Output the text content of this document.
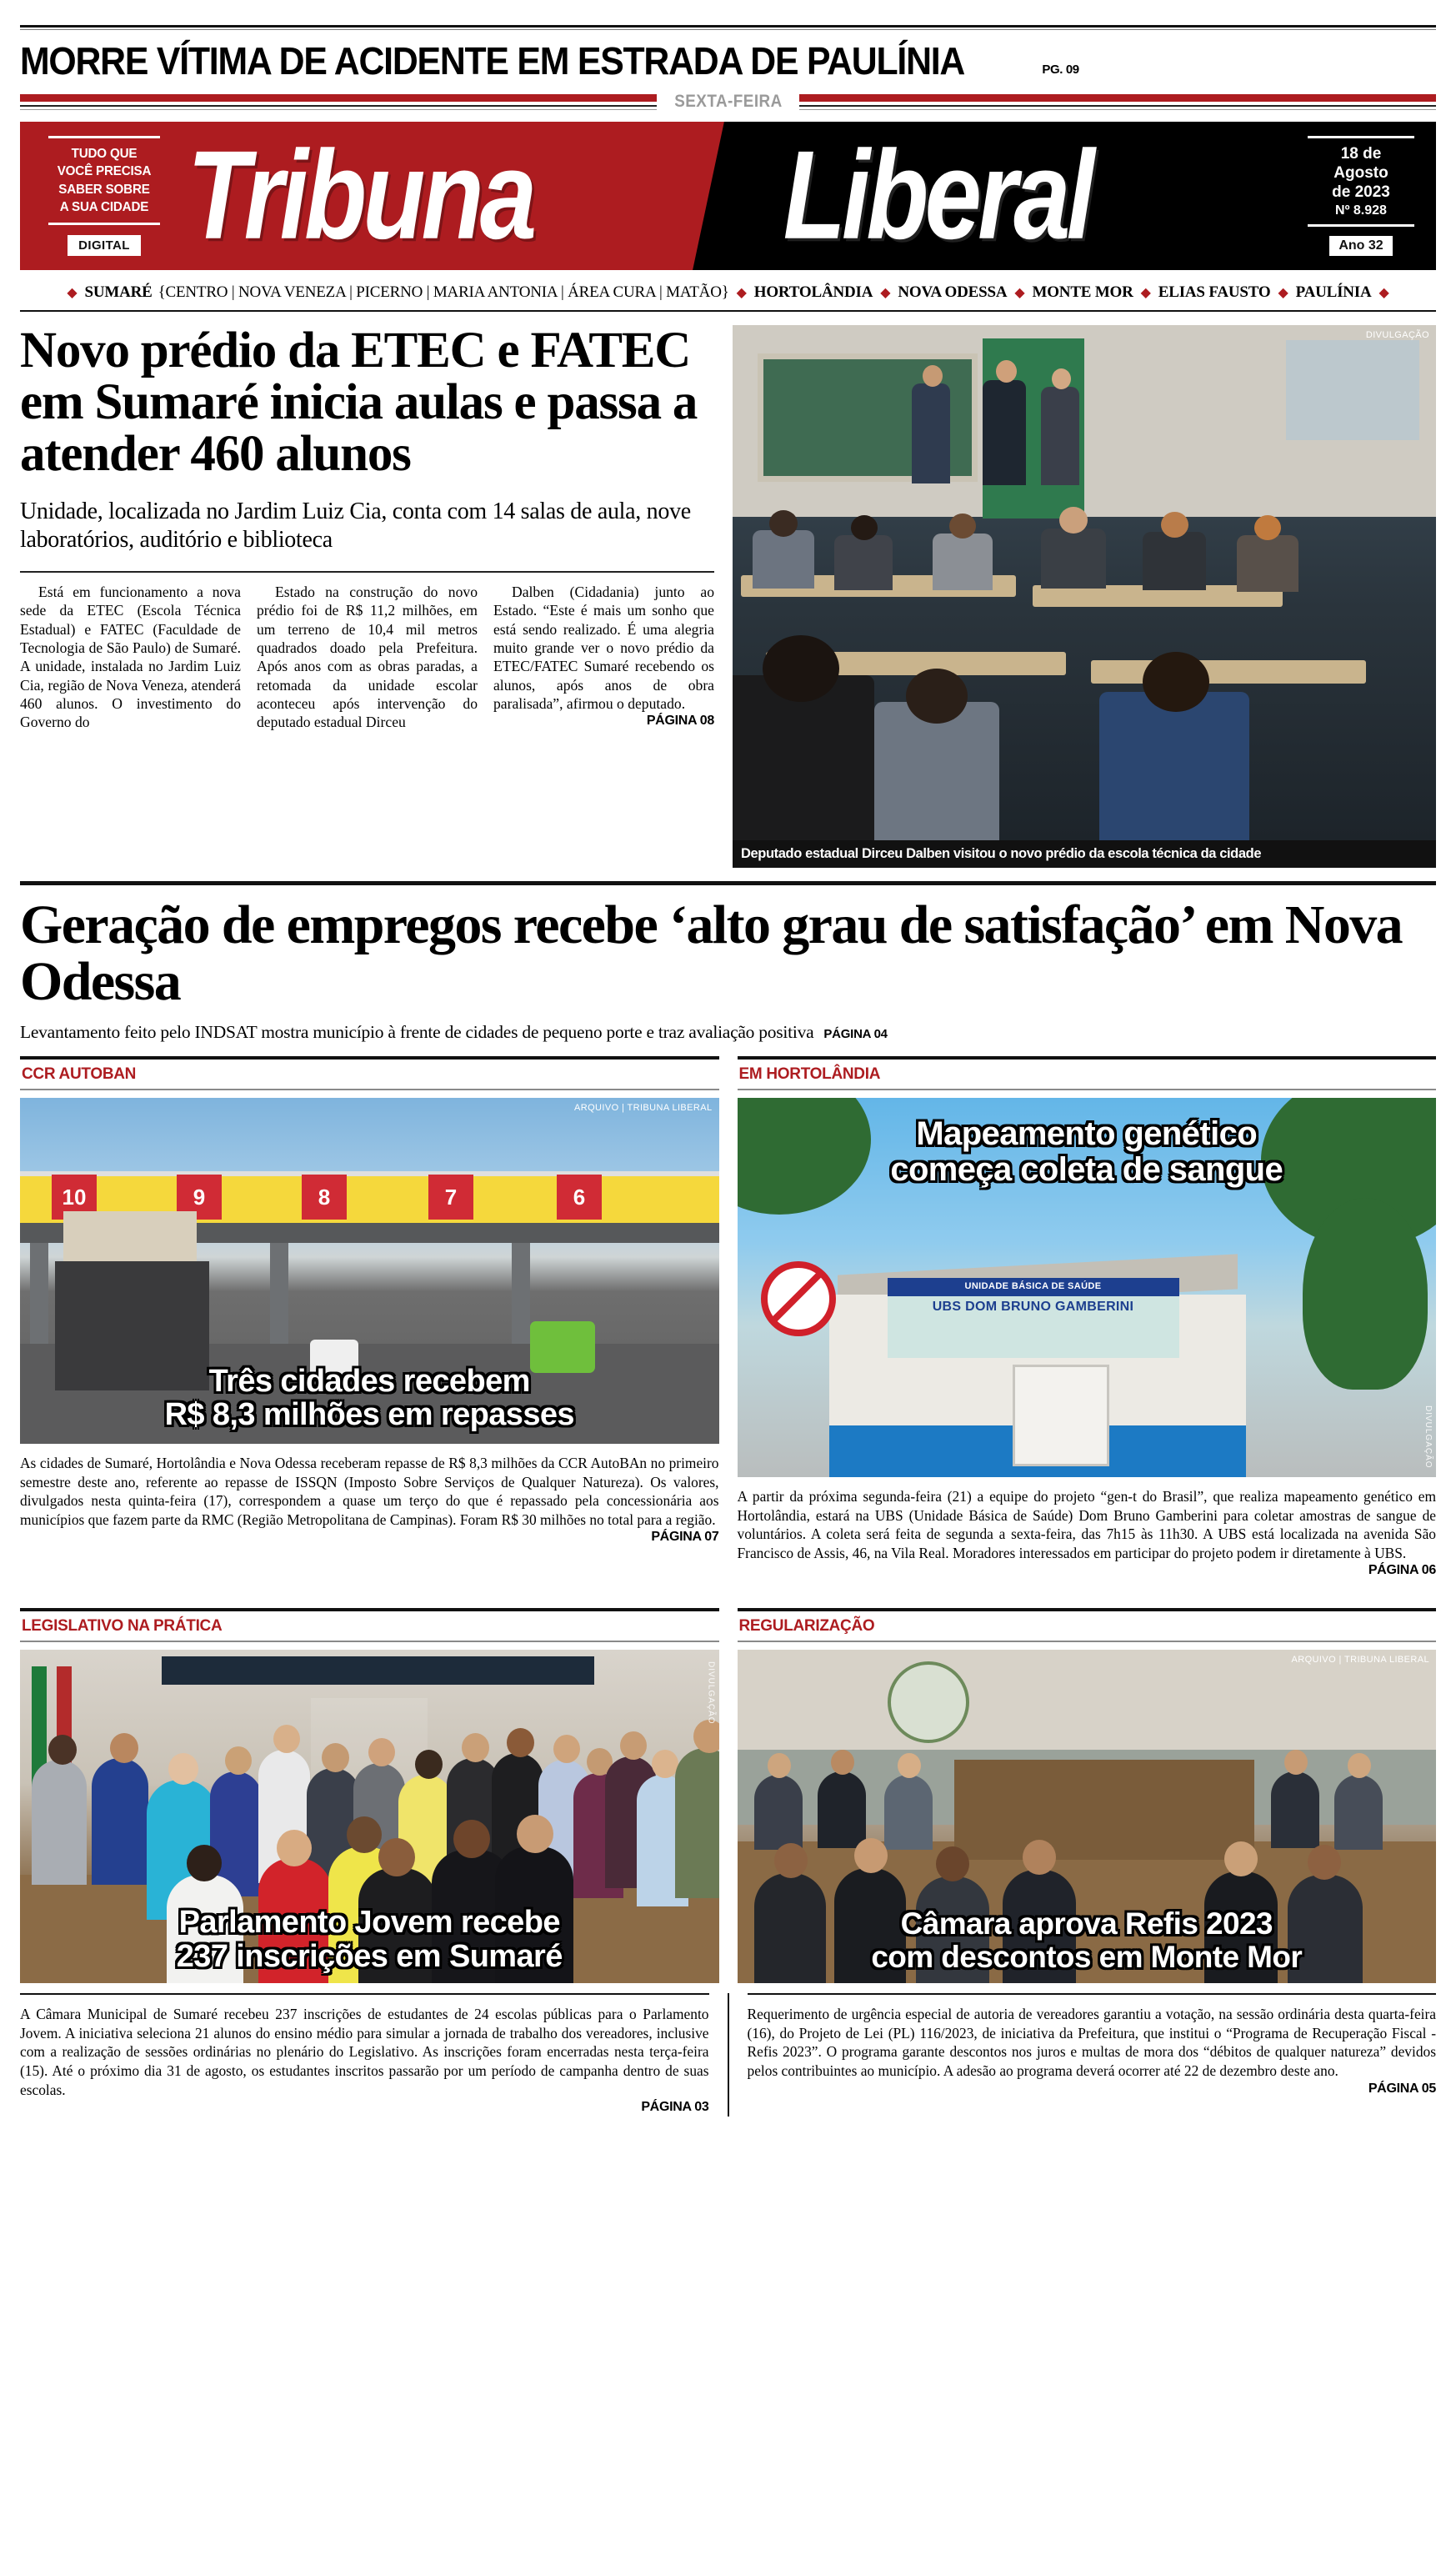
MORRE VÍTIMA DE ACIDENTE EM ESTRADA DE PAULÍNIA	PG. 09
SEXTA-FEIRA
TUDO QUE
VOCÊ PRECISA
SABER SOBRE
A SUA CIDADE
DIGITAL Tribuna Liberal	18 de
Agosto
de 2023
Nº 8.928
Ano 32
◆ SUMARÉ {CENTRO | NOVA VENEZA | PICERNO | MARIA ANTONIA | ÁREA CURA | MATÃO} ◆ HORTOLÂNDIA ◆ NOVA ODESSA ◆ MONTE MOR ◆ ELIAS FAUSTO ◆ PAULÍNIA ◆
Novo prédio da ETEC e FATEC em Sumaré inicia aulas e passa a atender 460 alunos
Unidade, localizada no Jardim Luiz Cia, conta com 14 salas de aula, nove laboratórios, auditório e biblioteca

Está em funcionamento a nova sede da ETEC (Escola Técnica Estadual) e FATEC (Faculdade de Tecnologia de São Paulo) de Sumaré. A unidade, instalada no Jardim Luiz Cia, região de Nova Veneza, atenderá 460 alunos. O investimento do Governo do

Estado na construção do novo prédio foi de R$ 11,2 milhões, em um terreno de 10,4 mil metros quadrados doado pela Prefeitura. Após anos com as obras paradas, a retomada da unidade escolar aconteceu após intervenção do deputado estadual Dirceu

Dalben (Cidadania) junto ao Estado. “Este é mais um sonho que está sendo realizado. É uma alegria muito grande ver o novo prédio da ETEC/FATEC Sumaré recebendo os alunos, após anos de obra paralisada”, afirmou o deputado.

PÁGINA 08
DIVULGAÇÃO
Deputado estadual Dirceu Dalben visitou o novo prédio da escola técnica da cidade
Geração de empregos recebe ‘alto grau de satisfação’ em Nova Odessa
Levantamento feito pelo INDSAT mostra município à frente de cidades de pequeno porte e traz avaliação positiva PÁGINA 04
CCR AUTOBAN
10	9	8	7	6
ARQUIVO | TRIBUNA LIBERAL
Três cidades recebem
R$ 8,3 milhões em repasses

As cidades de Sumaré, Hortolândia e Nova Odessa receberam repasse de R$ 8,3 milhões da CCR AutoBAn no primeiro semestre deste ano, referente ao repasse de ISSQN (Imposto Sobre Serviços de Qualquer Natureza). Os valores, divulgados nesta quinta-feira (17), correspondem a quase um terço do que é repassado pela concessionária aos municípios que fazem parte da RMC (Região Metropolitana de Campinas). Foram R$ 30 milhões no total para a região.

PÁGINA 07
EM HORTOLÂNDIA
UNIDADE BÁSICA DE SAÚDE
UBS DOM BRUNO GAMBERINI
DIVULGAÇÃO
Mapeamento genético
começa coleta de sangue

A partir da próxima segunda-feira (21) a equipe do projeto “gen-t do Brasil”, que realiza mapeamento genético em Hortolândia, estará na UBS (Unidade Básica de Saúde) Dom Bruno Gamberini para coletar amostras de sangue de voluntários. A coleta será feita de segunda a sexta-feira, das 7h15 às 11h30. A UBS está localizada na avenida São Francisco de Assis, 46, na Vila Real. Moradores interessados em participar do projeto podem ir diretamente à UBS.

PÁGINA 06
LEGISLATIVO NA PRÁTICA
DIVULGAÇÃO
Parlamento Jovem recebe
237 inscrições em Sumaré
REGULARIZAÇÃO
ARQUIVO | TRIBUNA LIBERAL
Câmara aprova Refis 2023
com descontos em Monte Mor

A Câmara Municipal de Sumaré recebeu 237 inscrições de estudantes de 24 escolas públicas para o Parlamento Jovem. A iniciativa seleciona 21 alunos do ensino médio para simular a jornada de trabalho dos vereadores, inclusive com a realização de sessões ordinárias no plenário do Legislativo. As inscrições foram encerradas nesta terça-feira (15). Até o próximo dia 31 de agosto, os estudantes inscritos passarão por um período de campanha dentro de suas escolas.

PÁGINA 03

Requerimento de urgência especial de autoria de vereadores garantiu a votação, na sessão ordinária desta quarta-feira (16), do Projeto de Lei (PL) 116/2023, de iniciativa da Prefeitura, que institui o “Programa de Recuperação Fiscal - Refis 2023”. O programa garante descontos nos juros e multas de mora dos “débitos de qualquer natureza” devidos pelos contribuintes ao município. A adesão ao programa deverá ocorrer até 22 de dezembro deste ano.

PÁGINA 05
